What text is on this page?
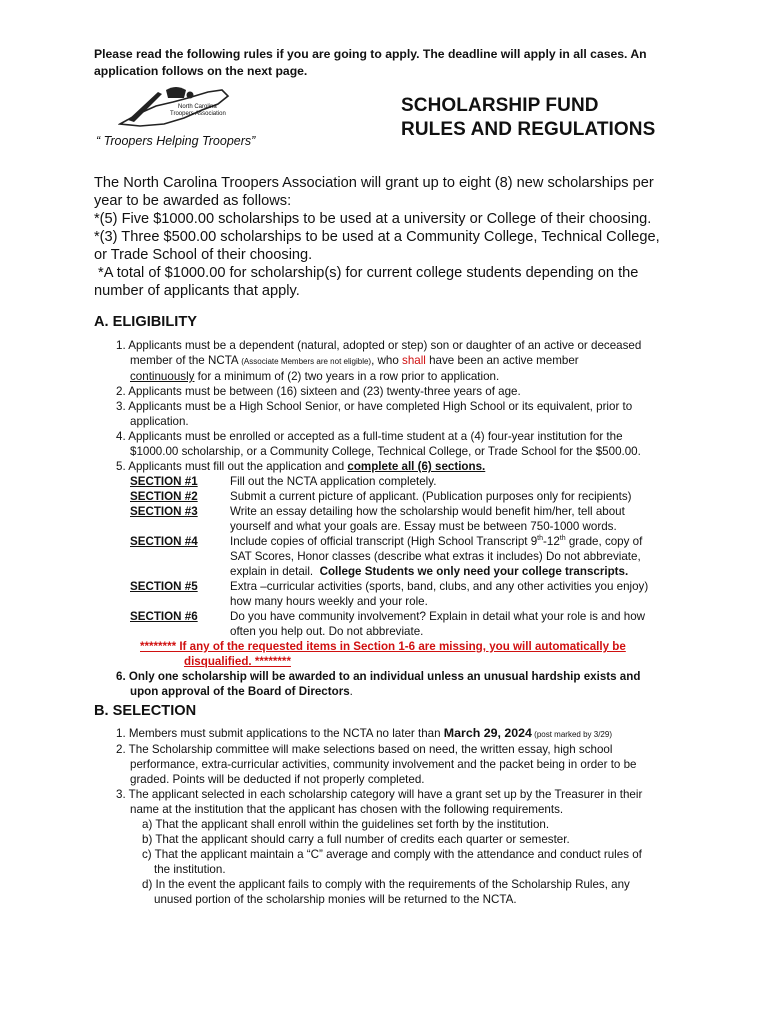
Please read the following rules if you are going to apply. The deadline will apply in all cases. An
application follows on the next page.
North Carolina
Troopers Association
“ Troopers Helping Troopers”
SCHOLARSHIP FUND
RULES AND REGULATIONS
The North Carolina Troopers Association will grant up to eight (8) new scholarships per
year to be awarded as follows:
*(5) Five $1000.00 scholarships to be used at a university or College of their choosing.
*(3) Three $500.00 scholarships to be used at a Community College, Technical College,
or Trade School of their choosing.
*A total of $1000.00 for scholarship(s) for current college students depending on the
number of applicants that apply.
A. ELIGIBILITY
1. Applicants must be a dependent (natural, adopted or step) son or daughter of an active or deceased
member of the NCTA (Associate Members are not eligible), who shall have been an active member
continuously for a minimum of (2) two years in a row prior to application.
2. Applicants must be between (16) sixteen and (23) twenty-three years of age.
3. Applicants must be a High School Senior, or have completed High School or its equivalent, prior to
application.
4. Applicants must be enrolled or accepted as a full-time student at a (4) four-year institution for the
$1000.00 scholarship, or a Community College, Technical College, or Trade School for the $500.00.
5. Applicants must fill out the application and complete all (6) sections.
SECTION #1	Fill out the NCTA application completely.
SECTION #2	Submit a current picture of applicant. (Publication purposes only for recipients)
SECTION #3	Write an essay detailing how the scholarship would benefit him/her, tell about
yourself and what your goals are. Essay must be between 750-1000 words.
SECTION #4	Include copies of official transcript (High School Transcript 9th-12th grade, copy of
SAT Scores, Honor classes (describe what extras it includes) Do not abbreviate,
explain in detail.  College Students we only need your college transcripts.
SECTION #5	Extra –curricular activities (sports, band, clubs, and any other activities you enjoy)
how many hours weekly and your role.
SECTION #6	Do you have community involvement? Explain in detail what your role is and how
often you help out. Do not abbreviate.
******** If any of the requested items in Section 1-6 are missing, you will automatically be
disqualified. ********
6. Only one scholarship will be awarded to an individual unless an unusual hardship exists and
upon approval of the Board of Directors.
B. SELECTION
1. Members must submit applications to the NCTA no later than March 29, 2024 (post marked by 3/29)
2. The Scholarship committee will make selections based on need, the written essay, high school
performance, extra-curricular activities, community involvement and the packet being in order to be
graded. Points will be deducted if not properly completed.
3. The applicant selected in each scholarship category will have a grant set up by the Treasurer in their
name at the institution that the applicant has chosen with the following requirements.
a) That the applicant shall enroll within the guidelines set forth by the institution.
b) That the applicant should carry a full number of credits each quarter or semester.
c) That the applicant maintain a “C” average and comply with the attendance and conduct rules of
the institution.
d) In the event the applicant fails to comply with the requirements of the Scholarship Rules, any
unused portion of the scholarship monies will be returned to the NCTA.
